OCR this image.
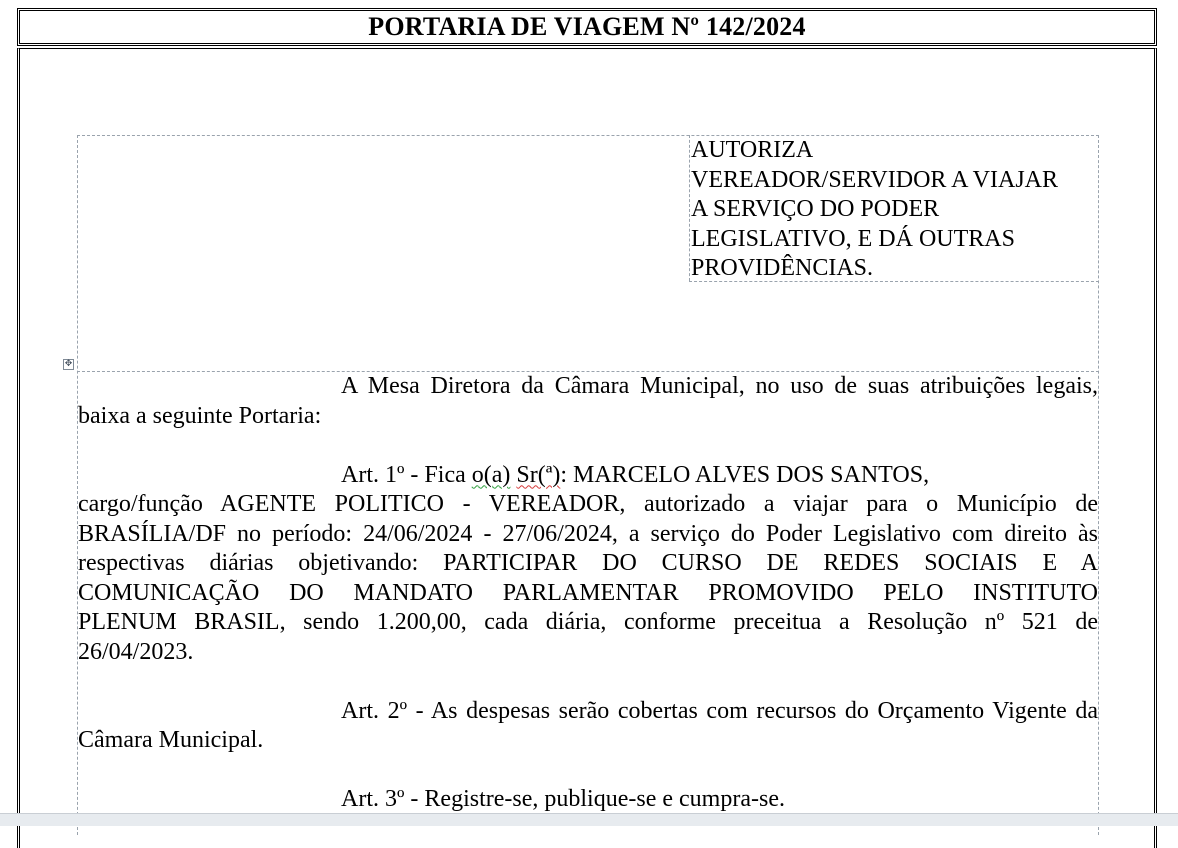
PORTARIA DE VIAGEM Nº 142/2024
✥
AUTORIZA
VEREADOR/SERVIDOR A VIAJAR
A SERVIÇO DO PODER
LEGISLATIVO, E DÁ OUTRAS
PROVIDÊNCIAS.

A Mesa Diretora da Câmara Municipal, no uso de suas atribuições legais, baixa a seguinte Portaria:

Art. 1º - Fica o(a) Sr(ª): MARCELO ALVES DOS SANTOS,
cargo/função AGENTE POLITICO - VEREADOR, autorizado a viajar para o Município de
BRASÍLIA/DF no período: 24/06/2024 - 27/06/2024, a serviço do Poder Legislativo com direito às
respectivas diárias objetivando: PARTICIPAR DO CURSO DE REDES SOCIAIS E A
COMUNICAÇÃO DO MANDATO PARLAMENTAR PROMOVIDO PELO INSTITUTO
PLENUM BRASIL, sendo 1.200,00, cada diária, conforme preceitua a Resolução nº 521 de
26/04/2023.

Art. 2º - As despesas serão cobertas com recursos do Orçamento Vigente da Câmara Municipal.

Art. 3º - Registre-se, publique-se e cumpra-se.
